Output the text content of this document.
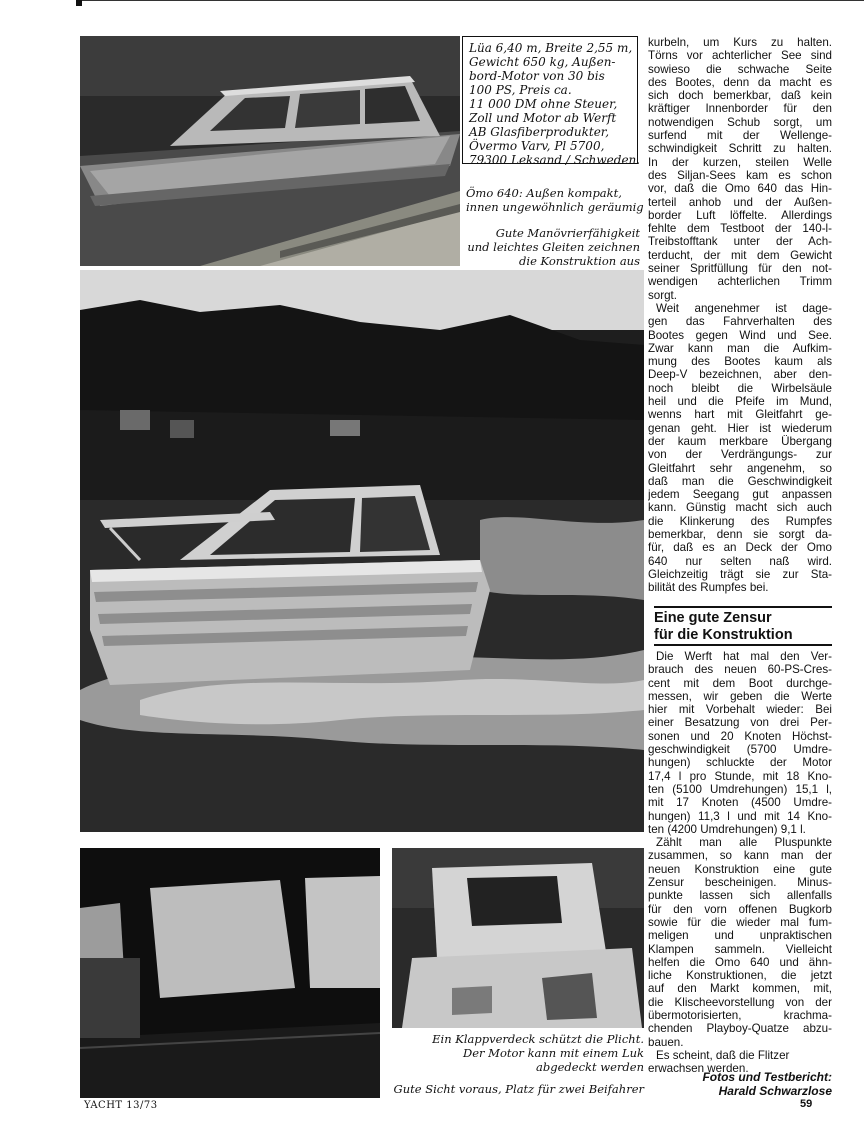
Lüa 6,40 m, Breite 2,55 m,
Gewicht 650 kg, Außen-
bord-Motor von 30 bis
100 PS, Preis ca.
11 000 DM ohne Steuer,
Zoll und Motor ab Werft
AB Glasfiberprodukter,
Övermo Varv, Pl 5700,
79300 Leksand / Schweden.
Ömo 640: Außen kompakt,
innen ungewöhnlich geräumig
Gute Manövrierfähigkeit
und leichtes Gleiten zeichnen
die Konstruktion aus
Ein Klappverdeck schützt die Plicht.
Der Motor kann mit einem Luk
abgedeckt werden
Gute Sicht voraus, Platz für zwei Beifahrer
kurbeln, um Kurs zu halten.
Törns vor achterlicher See sind
sowieso die schwache Seite
des Bootes, denn da macht es
sich doch bemerkbar, daß kein
kräftiger Innenborder für den
notwendigen Schub sorgt, um
surfend mit der Wellenge-
schwindigkeit Schritt zu halten.
In der kurzen, steilen Welle
des Siljan-Sees kam es schon
vor, daß die Omo 640 das Hin-
terteil anhob und der Außen-
border Luft löffelte. Allerdings
fehlte dem Testboot der 140-l-
Treibstofftank unter der Ach-
terducht, der mit dem Gewicht
seiner Spritfüllung für den not-
wendigen achterlichen Trimm
sorgt.
Weit angenehmer ist dage-
gen das Fahrverhalten des
Bootes gegen Wind und See.
Zwar kann man die Aufkim-
mung des Bootes kaum als
Deep-V bezeichnen, aber den-
noch bleibt die Wirbelsäule
heil und die Pfeife im Mund,
wenns hart mit Gleitfahrt ge-
genan geht. Hier ist wiederum
der kaum merkbare Übergang
von der Verdrängungs- zur
Gleitfahrt sehr angenehm, so
daß man die Geschwindigkeit
jedem Seegang gut anpassen
kann. Günstig macht sich auch
die Klinkerung des Rumpfes
bemerkbar, denn sie sorgt da-
für, daß es an Deck der Omo
640 nur selten naß wird.
Gleichzeitig trägt sie zur Sta-
bilität des Rumpfes bei.
Eine gute Zensur
für die Konstruktion
Die Werft hat mal den Ver-
brauch des neuen 60-PS-Cres-
cent mit dem Boot durchge-
messen, wir geben die Werte
hier mit Vorbehalt wieder: Bei
einer Besatzung von drei Per-
sonen und 20 Knoten Höchst-
geschwindigkeit (5700 Umdre-
hungen) schluckte der Motor
17,4 l pro Stunde, mit 18 Kno-
ten (5100 Umdrehungen) 15,1 l,
mit 17 Knoten (4500 Umdre-
hungen) 11,3 l und mit 14 Kno-
ten (4200 Umdrehungen) 9,1 l.
Zählt man alle Pluspunkte
zusammen, so kann man der
neuen Konstruktion eine gute
Zensur bescheinigen. Minus-
punkte lassen sich allenfalls
für den vorn offenen Bugkorb
sowie für die wieder mal fum-
meligen und unpraktischen
Klampen sammeln. Vielleicht
helfen die Omo 640 und ähn-
liche Konstruktionen, die jetzt
auf den Markt kommen, mit,
die Klischeevorstellung von der
übermotorisierten, krachma-
chenden Playboy-Quatze abzu-
bauen.
Es scheint, daß die Flitzer
erwachsen werden.
Fotos und Testbericht:
Harald Schwarzlose
YACHT 13/73	59
